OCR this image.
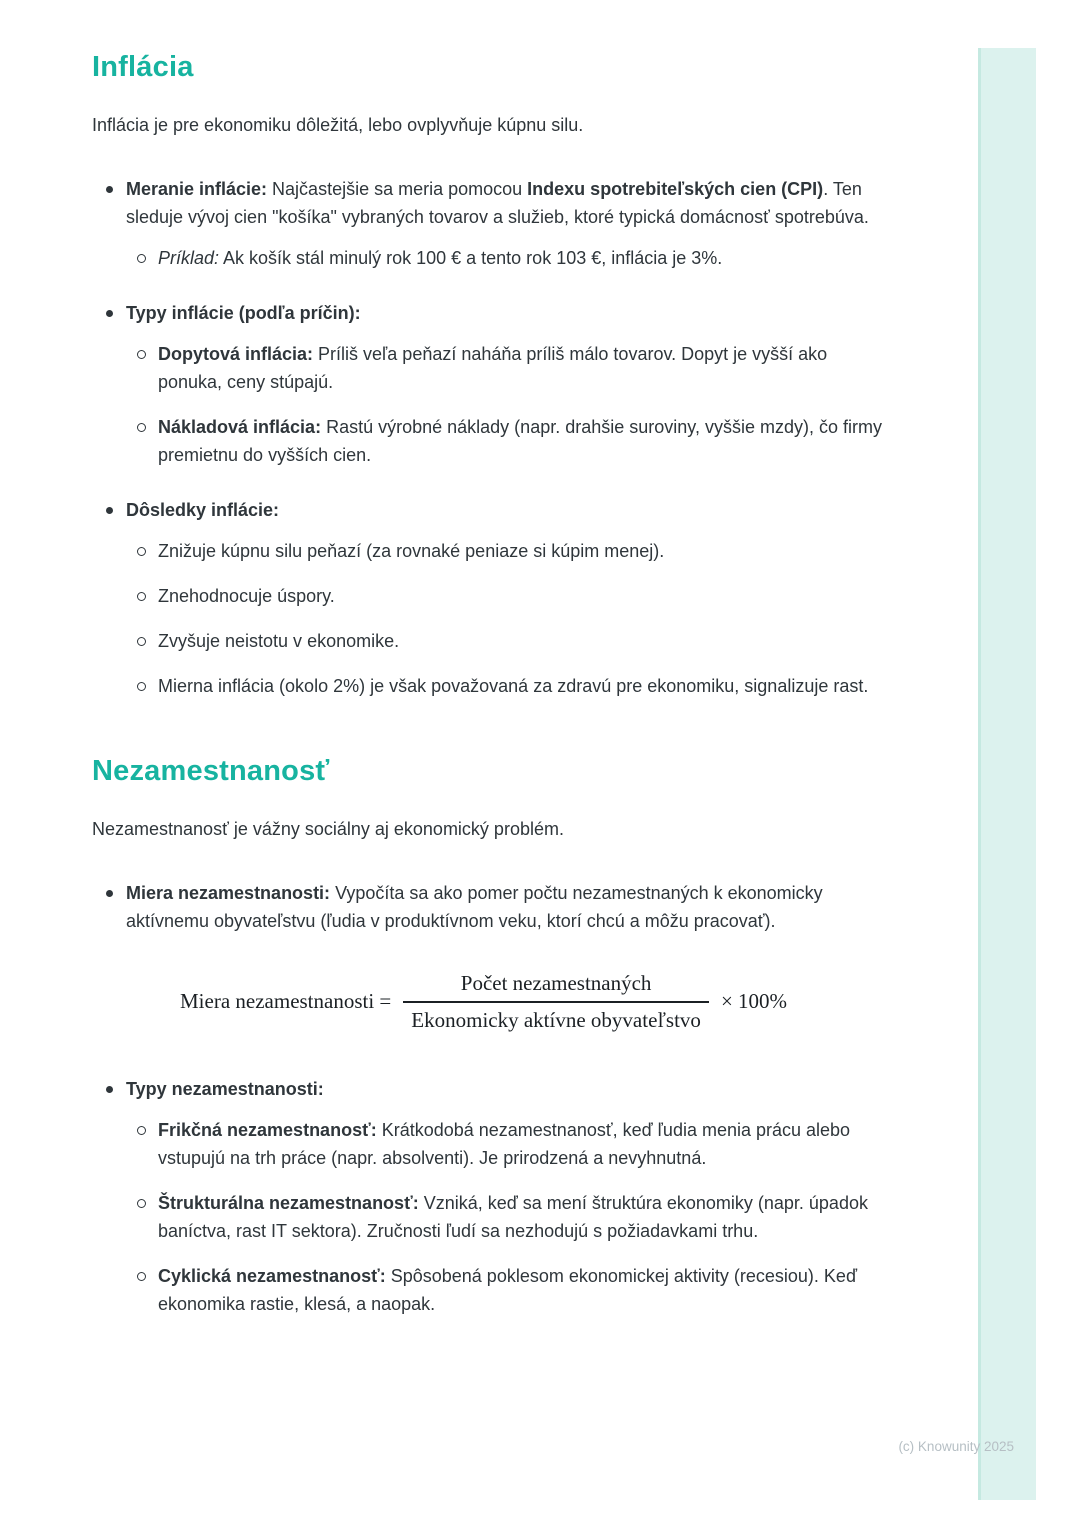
Inflácia

Inflácia je pre ekonomiku dôležitá, lebo ovplyvňuje kúpnu silu.

Meranie inflácie: Najčastejšie sa meria pomocou Indexu spotrebiteľských cien (CPI). Ten sleduje vývoj cien "košíka" vybraných tovarov a služieb, ktoré typická domácnosť spotrebúva.

Príklad: Ak košík stál minulý rok 100 € a tento rok 103 €, inflácia je 3%.

Typy inflácie (podľa príčin):

Dopytová inflácia: Príliš veľa peňazí naháňa príliš málo tovarov. Dopyt je vyšší ako ponuka, ceny stúpajú.

Nákladová inflácia: Rastú výrobné náklady (napr. drahšie suroviny, vyššie mzdy), čo firmy premietnu do vyšších cien.

Dôsledky inflácie:

Znižuje kúpnu silu peňazí (za rovnaké peniaze si kúpim menej).

Znehodnocuje úspory.

Zvyšuje neistotu v ekonomike.

Mierna inflácia (okolo 2%) je však považovaná za zdravú pre ekonomiku, signalizuje rast.

Nezamestnanosť

Nezamestnanosť je vážny sociálny aj ekonomický problém.

Miera nezamestnanosti: Vypočíta sa ako pomer počtu nezamestnaných k ekonomicky aktívnemu obyvateľstvu (ľudia v produktívnom veku, ktorí chcú a môžu pracovať).

Miera nezamestnanosti = $\frac{\text{Počet nezamestnaných}}{\text{Ekonomicky aktívne obyvateľstvo}} \times 100\%$

Typy nezamestnanosti:

Frikčná nezamestnanosť: Krátkodobá nezamestnanosť, keď ľudia menia prácu alebo vstupujú na trh práce (napr. absolventi). Je prirodzená a nevyhnutná.

Štrukturálna nezamestnanosť: Vzniká, keď sa mení štruktúra ekonomiky (napr. úpadok baníctva, rast IT sektora). Zručnosti ľudí sa nezhodujú s požiadavkami trhu.

Cyklická nezamestnanosť: Spôsobená poklesom ekonomickej aktivity (recesiou). Keď ekonomika rastie, klesá, a naopak.

(c) Knowunity 2025
